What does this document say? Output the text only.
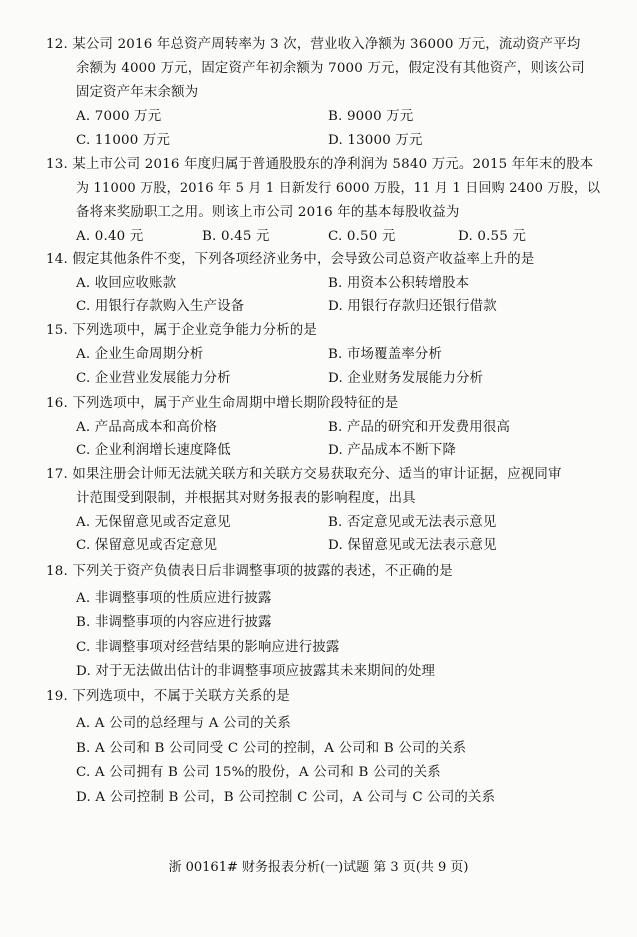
12. 某公司 2016 年总资产周转率为 3 次，营业收入净额为 36000 万元，流动资产平均
余额为 4000 万元，固定资产年初余额为 7000 万元，假定没有其他资产，则该公司
固定资产年末余额为
A. 7000 万元	B. 9000 万元
C. 11000 万元	D. 13000 万元
13. 某上市公司 2016 年度归属于普通股股东的净利润为 5840 万元。2015 年年末的股本
为 11000 万股，2016 年 5 月 1 日新发行 6000 万股，11 月 1 日回购 2400 万股，以
备将来奖励职工之用。则该上市公司 2016 年的基本每股收益为
A. 0.40 元	B. 0.45 元	C. 0.50 元	D. 0.55 元
14. 假定其他条件不变，下列各项经济业务中，会导致公司总资产收益率上升的是
A. 收回应收账款	B. 用资本公积转增股本
C. 用银行存款购入生产设备	D. 用银行存款归还银行借款
15. 下列选项中，属于企业竞争能力分析的是
A. 企业生命周期分析	B. 市场覆盖率分析
C. 企业营业发展能力分析	D. 企业财务发展能力分析
16. 下列选项中，属于产业生命周期中增长期阶段特征的是
A. 产品高成本和高价格	B. 产品的研究和开发费用很高
C. 企业利润增长速度降低	D. 产品成本不断下降
17. 如果注册会计师无法就关联方和关联方交易获取充分、适当的审计证据，应视同审
计范围受到限制，并根据其对财务报表的影响程度，出具
A. 无保留意见或否定意见	B. 否定意见或无法表示意见
C. 保留意见或否定意见	D. 保留意见或无法表示意见
18. 下列关于资产负债表日后非调整事项的披露的表述，不正确的是
A. 非调整事项的性质应进行披露
B. 非调整事项的内容应进行披露
C. 非调整事项对经营结果的影响应进行披露
D. 对于无法做出估计的非调整事项应披露其未来期间的处理
19. 下列选项中，不属于关联方关系的是
A. A 公司的总经理与 A 公司的关系
B. A 公司和 B 公司同受 C 公司的控制，A 公司和 B 公司的关系
C. A 公司拥有 B 公司 15%的股份，A 公司和 B 公司的关系
D. A 公司控制 B 公司，B 公司控制 C 公司，A 公司与 C 公司的关系
浙 00161# 财务报表分析(一)试题 第 3 页(共 9 页)
